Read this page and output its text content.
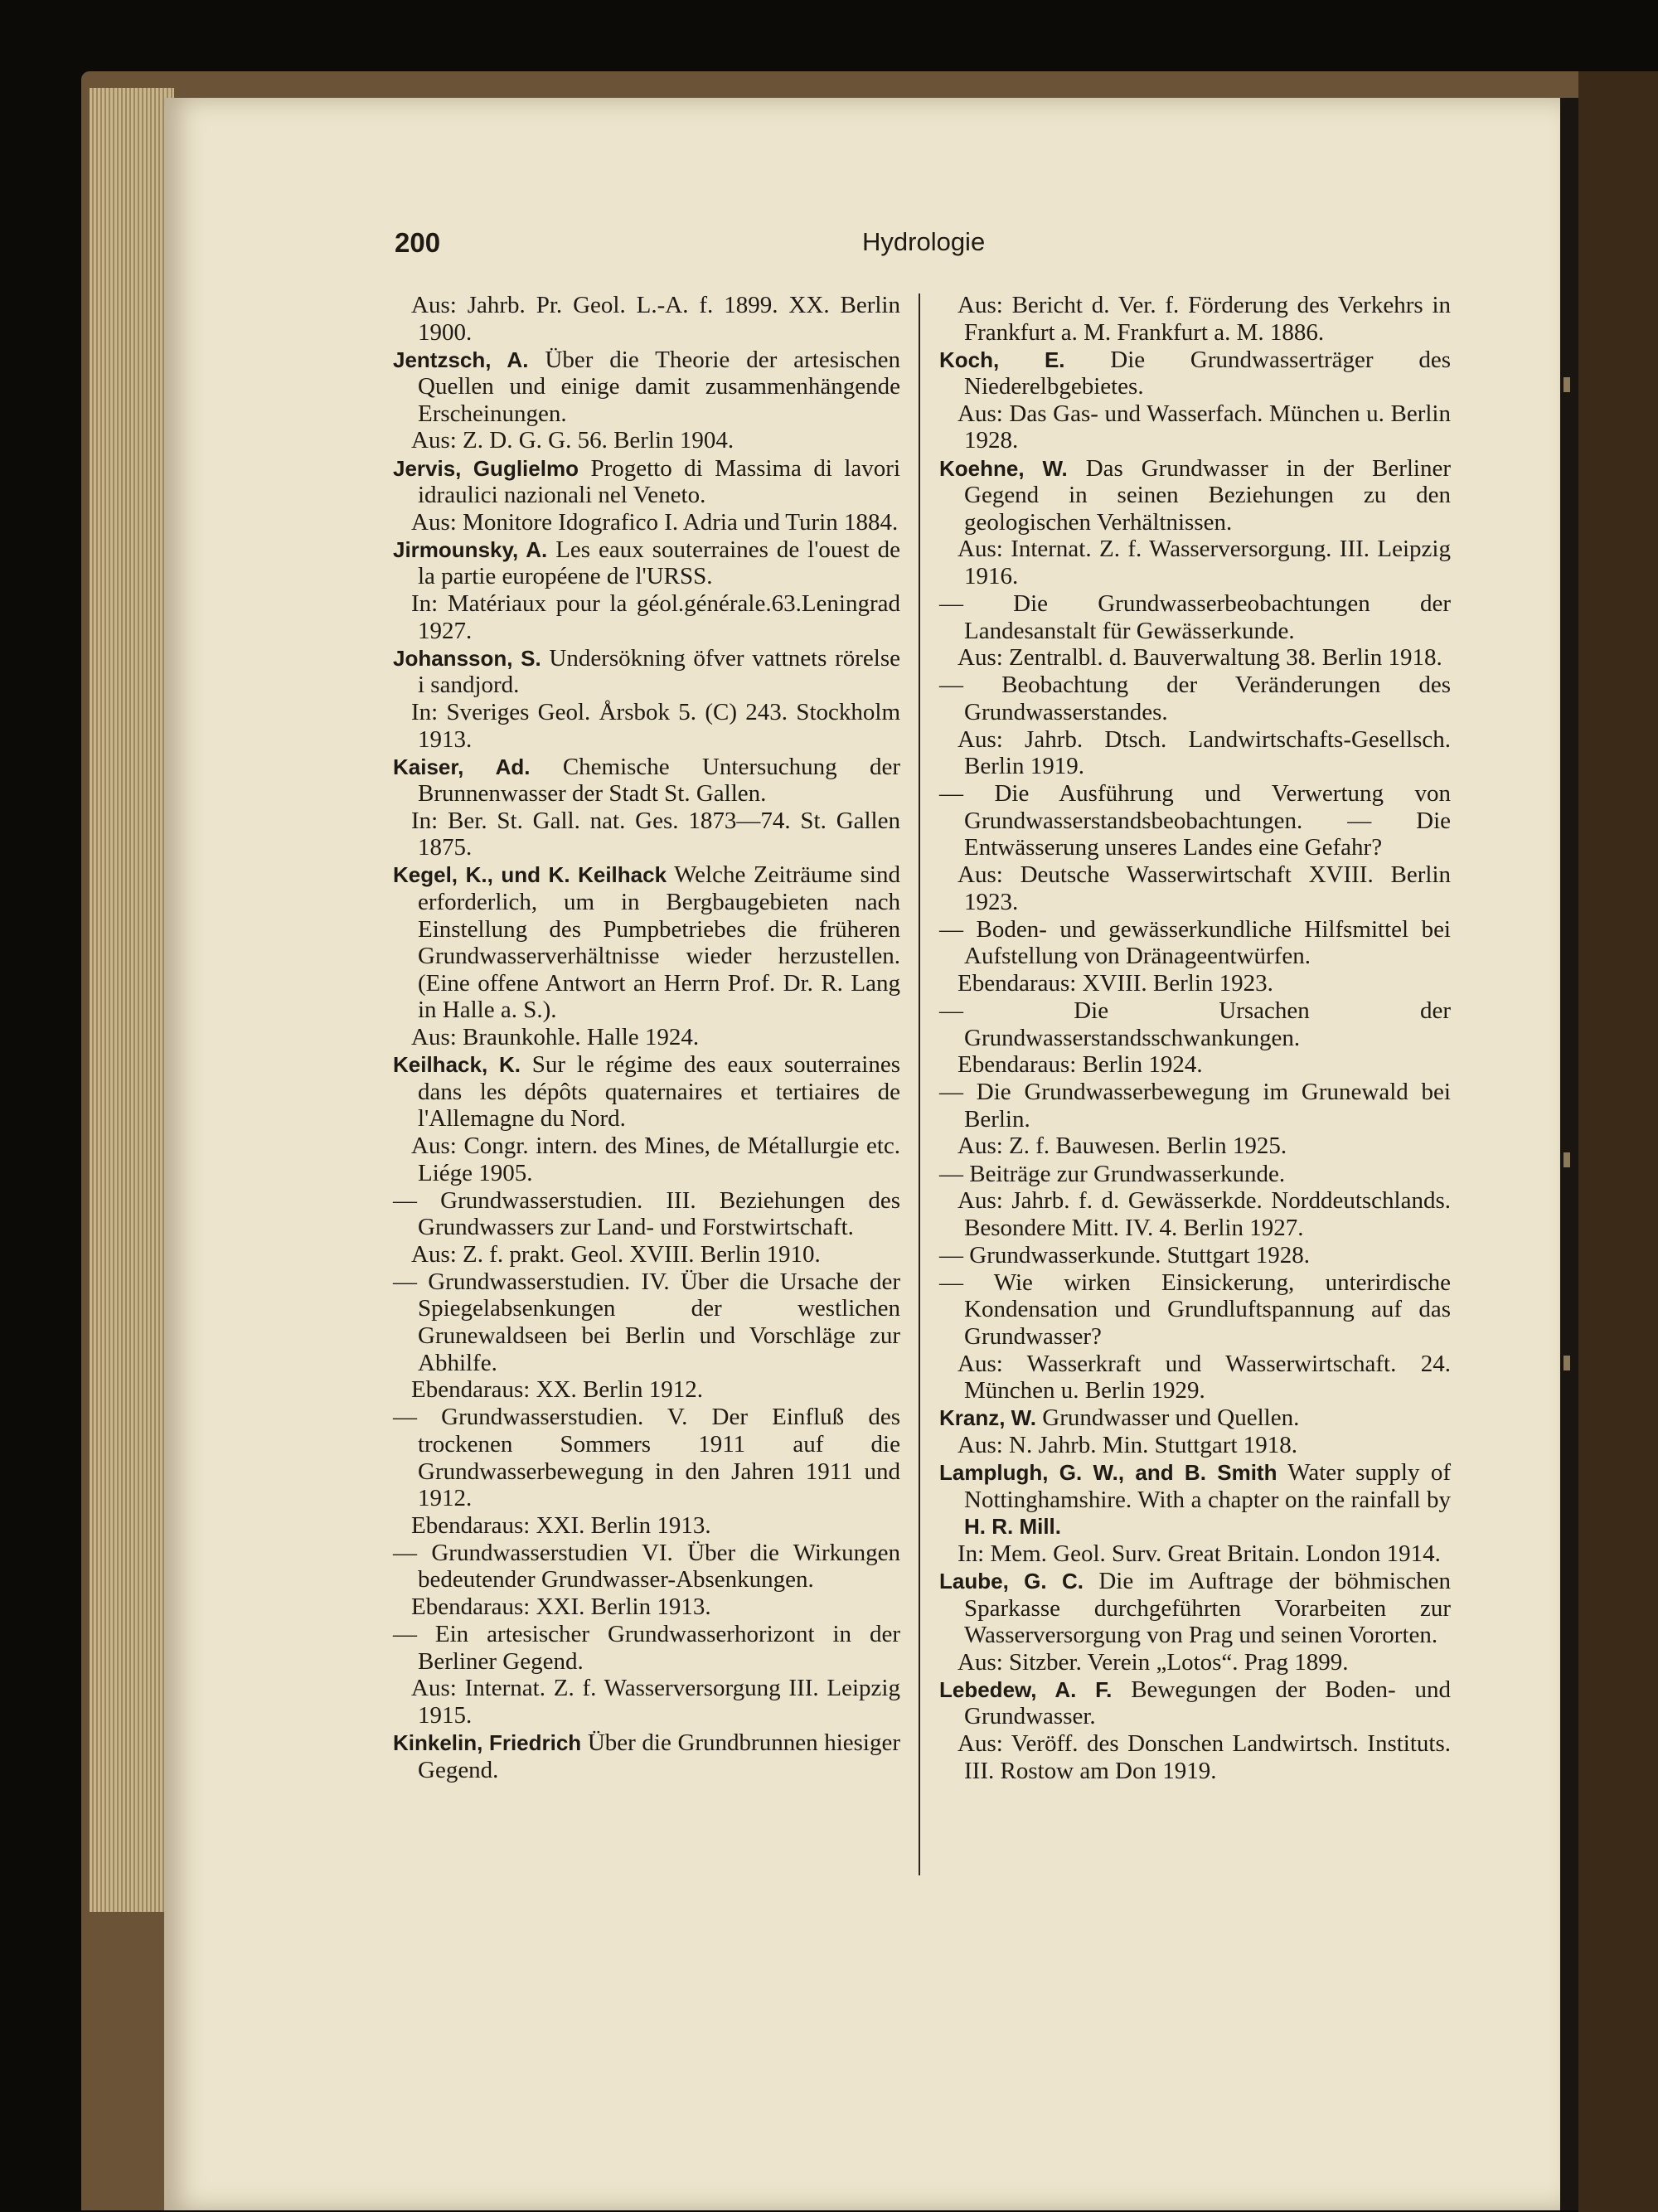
200	Hydrologie
Aus: Jahrb. Pr. Geol. L.-A. f. 1899. XX. Berlin 1900.
Jentzsch, A. Über die Theorie der artesischen Quellen und einige damit zusammenhängende Erscheinungen.
Aus: Z. D. G. G. 56. Berlin 1904.
Jervis, Guglielmo Progetto di Massima di lavori idraulici nazionali nel Veneto.
Aus: Monitore Idografico I. Adria und Turin 1884.
Jirmounsky, A. Les eaux souterraines de l'ouest de la partie européene de l'URSS.
In: Matériaux pour la géol.générale.63.Leningrad 1927.
Johansson, S. Undersökning öfver vattnets rörelse i sandjord.
In: Sveriges Geol. Årsbok 5. (C) 243. Stockholm 1913.
Kaiser, Ad. Chemische Untersuchung der Brunnenwasser der Stadt St. Gallen.
In: Ber. St. Gall. nat. Ges. 1873—74. St. Gallen 1875.
Kegel, K., und K. Keilhack Welche Zeiträume sind erforderlich, um in Bergbaugebieten nach Einstellung des Pumpbetriebes die früheren Grundwasserverhältnisse wieder herzustellen. (Eine offene Antwort an Herrn Prof. Dr. R. Lang in Halle a. S.).
Aus: Braunkohle. Halle 1924.
Keilhack, K. Sur le régime des eaux souterraines dans les dépôts quaternaires et tertiaires de l'Allemagne du Nord.
Aus: Congr. intern. des Mines, de Métallurgie etc. Liége 1905.
— Grundwasserstudien. III. Beziehungen des Grundwassers zur Land- und Forstwirtschaft.
Aus: Z. f. prakt. Geol. XVIII. Berlin 1910.
— Grundwasserstudien. IV. Über die Ursache der Spiegelabsenkungen der westlichen Grunewaldseen bei Berlin und Vorschläge zur Abhilfe.
Ebendaraus: XX. Berlin 1912.
— Grundwasserstudien. V. Der Einfluß des trockenen Sommers 1911 auf die Grundwasserbewegung in den Jahren 1911 und 1912.
Ebendaraus: XXI. Berlin 1913.
— Grundwasserstudien VI. Über die Wirkungen bedeutender Grundwasser-Absenkungen.
Ebendaraus: XXI. Berlin 1913.
— Ein artesischer Grundwasserhorizont in der Berliner Gegend.
Aus: Internat. Z. f. Wasserversorgung III. Leipzig 1915.
Kinkelin, Friedrich Über die Grundbrunnen hiesiger Gegend.
Aus: Bericht d. Ver. f. Förderung des Verkehrs in Frankfurt a. M. Frankfurt a. M. 1886.
Koch, E. Die Grundwasserträger des Niederelbgebietes.
Aus: Das Gas- und Wasserfach. München u. Berlin 1928.
Koehne, W. Das Grundwasser in der Berliner Gegend in seinen Beziehungen zu den geologischen Verhältnissen.
Aus: Internat. Z. f. Wasserversorgung. III. Leipzig 1916.
— Die Grundwasserbeobachtungen der Landesanstalt für Gewässerkunde.
Aus: Zentralbl. d. Bauverwaltung 38. Berlin 1918.
— Beobachtung der Veränderungen des Grundwasserstandes.
Aus: Jahrb. Dtsch. Landwirtschafts-Gesellsch. Berlin 1919.
— Die Ausführung und Verwertung von Grundwasserstandsbeobachtungen. — Die Entwässerung unseres Landes eine Gefahr?
Aus: Deutsche Wasserwirtschaft XVIII. Berlin 1923.
— Boden- und gewässerkundliche Hilfsmittel bei Aufstellung von Dränageentwürfen.
Ebendaraus: XVIII. Berlin 1923.
— Die Ursachen der Grundwasserstandsschwankungen.
Ebendaraus: Berlin 1924.
— Die Grundwasserbewegung im Grunewald bei Berlin.
Aus: Z. f. Bauwesen. Berlin 1925.
— Beiträge zur Grundwasserkunde.
Aus: Jahrb. f. d. Gewässerkde. Norddeutschlands. Besondere Mitt. IV. 4. Berlin 1927.
— Grundwasserkunde. Stuttgart 1928.
— Wie wirken Einsickerung, unterirdische Kondensation und Grundluftspannung auf das Grundwasser?
Aus: Wasserkraft und Wasserwirtschaft. 24. München u. Berlin 1929.
Kranz, W. Grundwasser und Quellen.
Aus: N. Jahrb. Min. Stuttgart 1918.
Lamplugh, G. W., and B. Smith Water supply of Nottinghamshire. With a chapter on the rainfall by H. R. Mill.
In: Mem. Geol. Surv. Great Britain. London 1914.
Laube, G. C. Die im Auftrage der böhmischen Sparkasse durchgeführten Vorarbeiten zur Wasserversorgung von Prag und seinen Vororten.
Aus: Sitzber. Verein „Lotos“. Prag 1899.
Lebedew, A. F. Bewegungen der Boden- und Grundwasser.
Aus: Veröff. des Donschen Landwirtsch. Instituts. III. Rostow am Don 1919.
